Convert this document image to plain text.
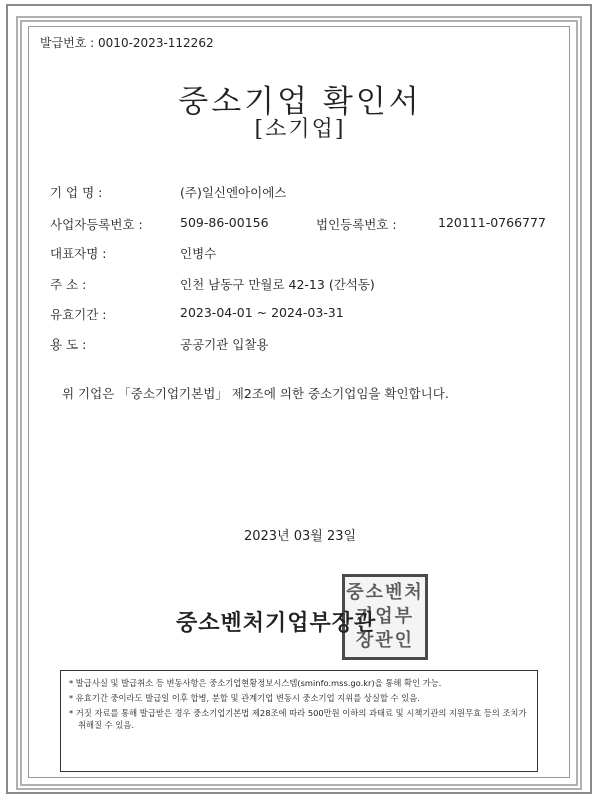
발급번호 : 0010-2023-112262
중소기업 확인서
[소기업]
기 업 명 :	(주)일신엔아이에스
사업자등록번호 :	509-86-00156	법인등록번호 :	120111-0766777
대표자명 :	인병수
주 소 :	인천 남동구 만월로 42-13 (간석동)
유효기간 :	2023-04-01 ~ 2024-03-31
용 도 :	공공기관 입찰용
위 기업은 「중소기업기본법」 제2조에 의한 중소기업임을 확인합니다.
2023년 03월 23일
중소벤처
기업부
장관인
중소벤처기업부장관

* 발급사실 및 발급취소 등 변동사항은 중소기업현황정보시스템(sminfo.mss.go.kr)을 통해 확인 가능.

* 유효기간 중이라도 발급일 이후 합병, 분할 및 관계기업 변동시 중소기업 지위를 상실할 수 있음.

* 거짓 자료를 통해 발급받은 경우 중소기업기본법 제28조에 따라 500만원 이하의 과태료 및 시책기관의 지원무효 등의 조치가 취해질 수 있음.
